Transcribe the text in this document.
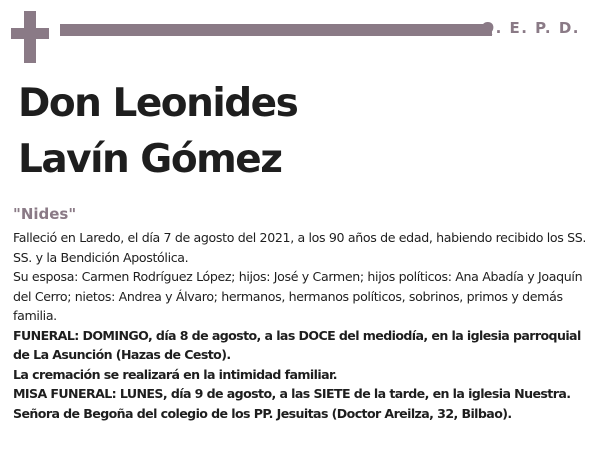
Q. E. P. D.
Don Leonides
Lavín Gómez
"Nides"

Falleció en Laredo, el día 7 de agosto del 2021, a los 90 años de edad, habiendo recibido los SS. SS. y la Bendición Apostólica.

Su esposa: Carmen Rodríguez López; hijos: José y Carmen; hijos políticos: Ana Abadía y Joaquín del Cerro; nietos: Andrea y Álvaro; hermanos, hermanos políticos, sobrinos, primos y demás familia.

FUNERAL: DOMINGO, día 8 de agosto, a las DOCE del mediodía, en la iglesia parroquial de La Asunción (Hazas de Cesto).

La cremación se realizará en la intimidad familiar.

MISA FUNERAL: LUNES, día 9 de agosto, a las SIETE de la tarde, en la iglesia Nuestra. Señora de Begoña del colegio de los PP. Jesuitas (Doctor Areilza, 32, Bilbao).
